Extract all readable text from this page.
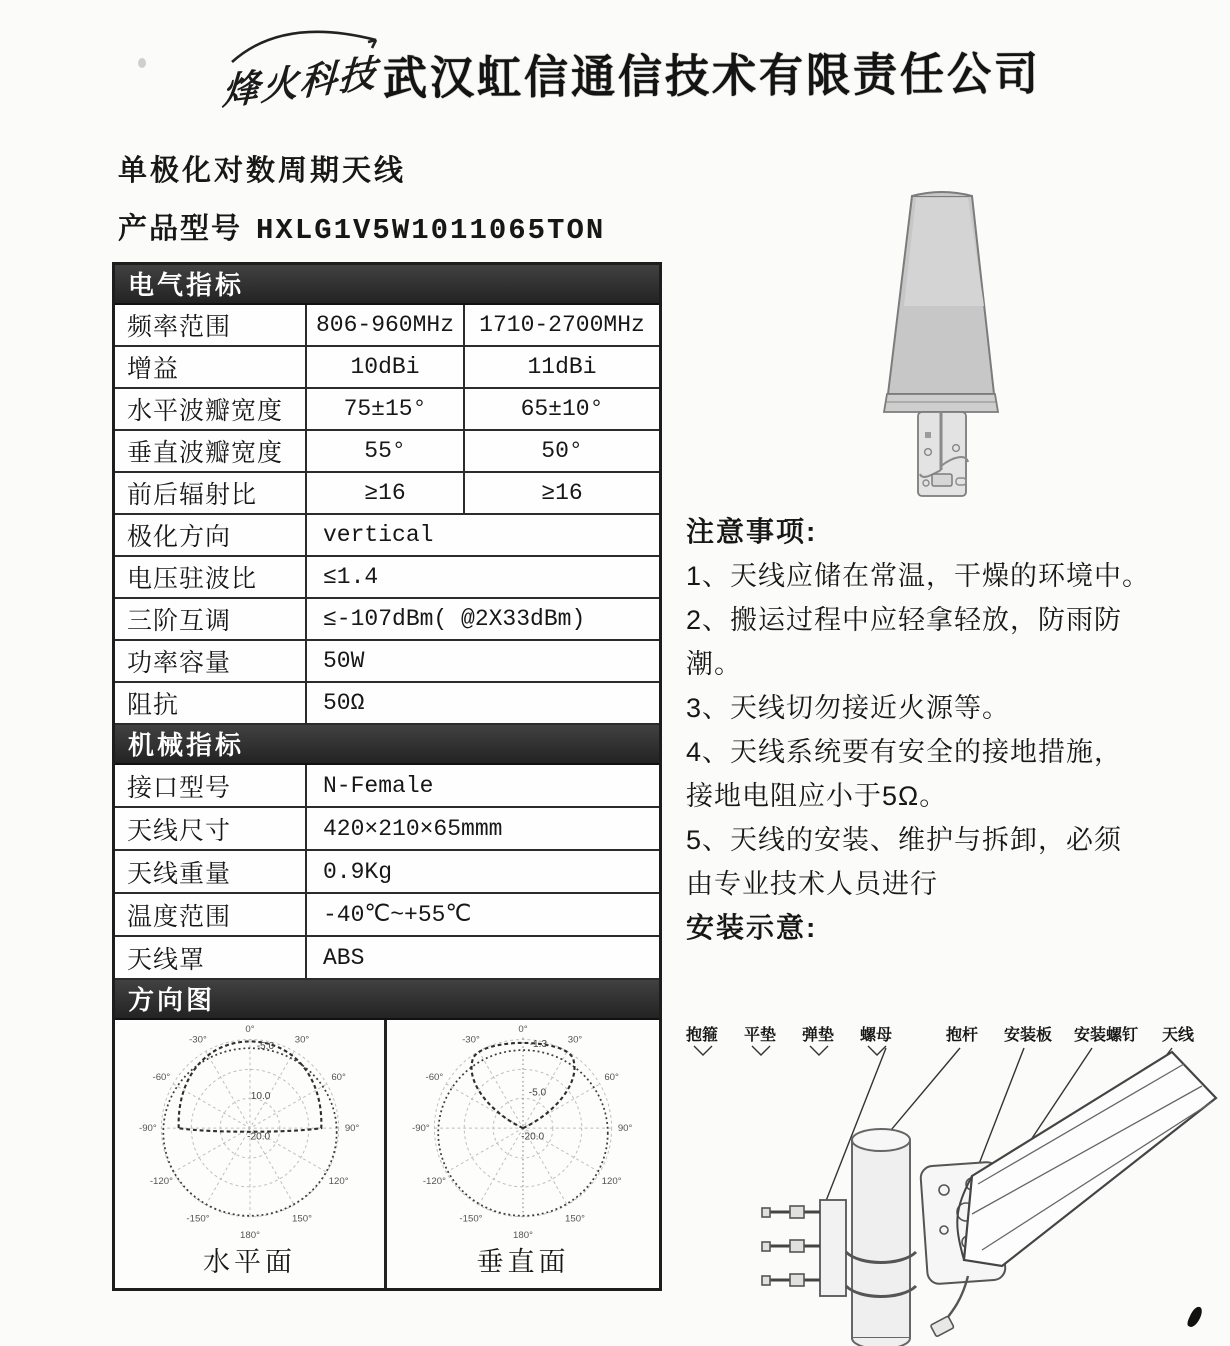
烽火科技 武汉虹信通信技术有限责任公司
单极化对数周期天线
产品型号 HXLG1V5W1011065TON
电气指标
频率范围	806-960MHz	1710-2700MHz
增益	10dBi	11dBi
水平波瓣宽度	75±15°	65±10°
垂直波瓣宽度	55°	50°
前后辐射比	≥16	≥16
极化方向	vertical
电压驻波比	≤1.4
三阶互调	≤-107dBm( @2X33dBm)
功率容量	50W
阻抗	50Ω
机械指标
接口型号	N-Female
天线尺寸	420×210×65mmm
天线重量	0.9Kg
温度范围	-40℃~+55℃
天线罩	ABS
方向图
0°
30°
60°
90°
120°
150°
180°
-150°
-120°
-90°
-60°
-30°
-5.0
10.0
-20.0
水平面
0°
30°
60°
90°
120°
150°
180°
-150°
-120°
-90°
-60°
-30°	-1.3
-5.0
-20.0
垂直面
注意事项:
1、天线应储在常温，干燥的环境中。
2、搬运过程中应轻拿轻放，防雨防
潮。
3、天线切勿接近火源等。
4、天线系统要有安全的接地措施，
接地电阻应小于5Ω。
5、天线的安装、维护与拆卸，必须
由专业技术人员进行
安装示意:
抱箍 平垫 弹垫 螺母	抱杆 安装板 安装螺钉 天线
